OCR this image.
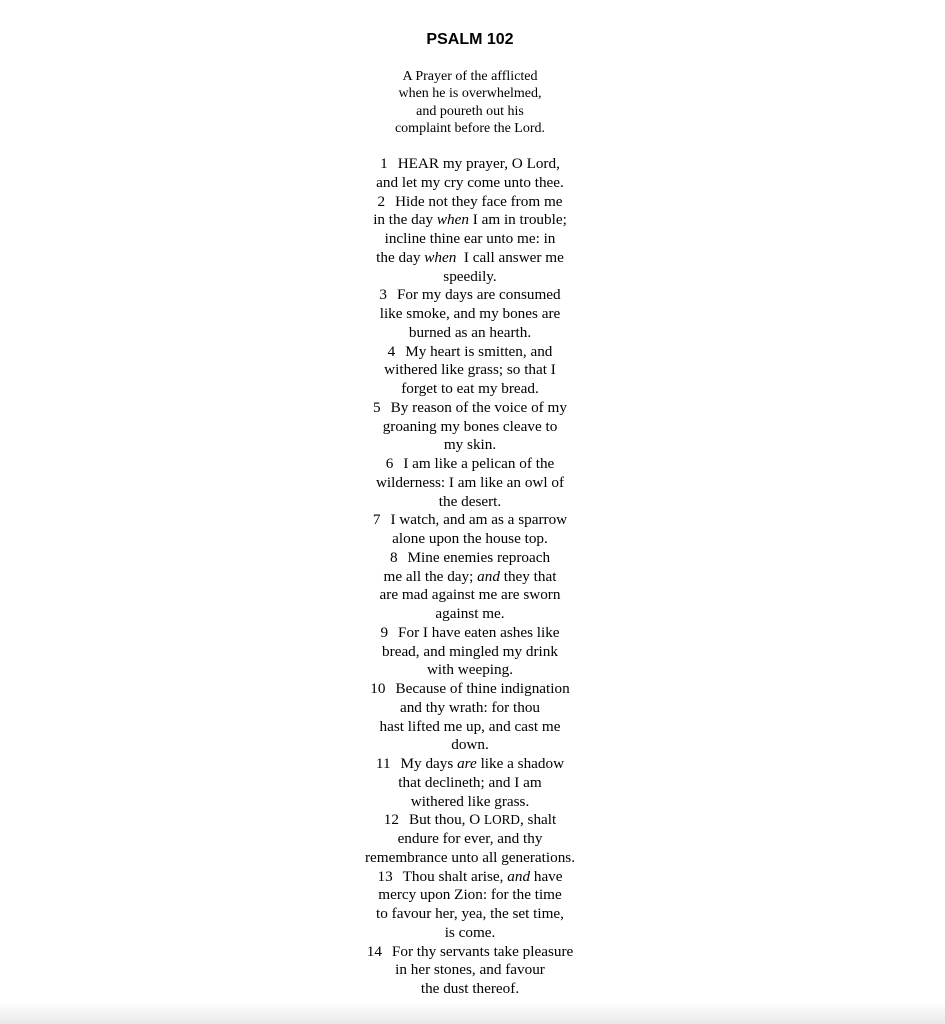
PSALM 102
A Prayer of the afflicted
when he is overwhelmed,
and poureth out his
complaint before the Lord.
1 HEAR my prayer, O Lord,
and let my cry come unto thee.
2 Hide not they face from me
in the day when I am in trouble;
incline thine ear unto me: in
the day when  I call answer me
speedily.
3 For my days are consumed
like smoke, and my bones are
burned as an hearth.
4 My heart is smitten, and
withered like grass; so that I
forget to eat my bread.
5 By reason of the voice of my
groaning my bones cleave to
my skin.
6 I am like a pelican of the
wilderness: I am like an owl of
the desert.
7 I watch, and am as a sparrow
alone upon the house top.
8 Mine enemies reproach
me all the day; and they that
are mad against me are sworn
against me.
9 For I have eaten ashes like
bread, and mingled my drink
with weeping.
10 Because of thine indignation
and thy wrath: for thou
hast lifted me up, and cast me
down.
11 My days are like a shadow
that declineth; and I am
withered like grass.
12 But thou, O LORD, shalt
endure for ever, and thy
remembrance unto all generations.
13 Thou shalt arise, and have
mercy upon Zion: for the time
to favour her, yea, the set time,
is come.
14 For thy servants take pleasure
in her stones, and favour
the dust thereof.
